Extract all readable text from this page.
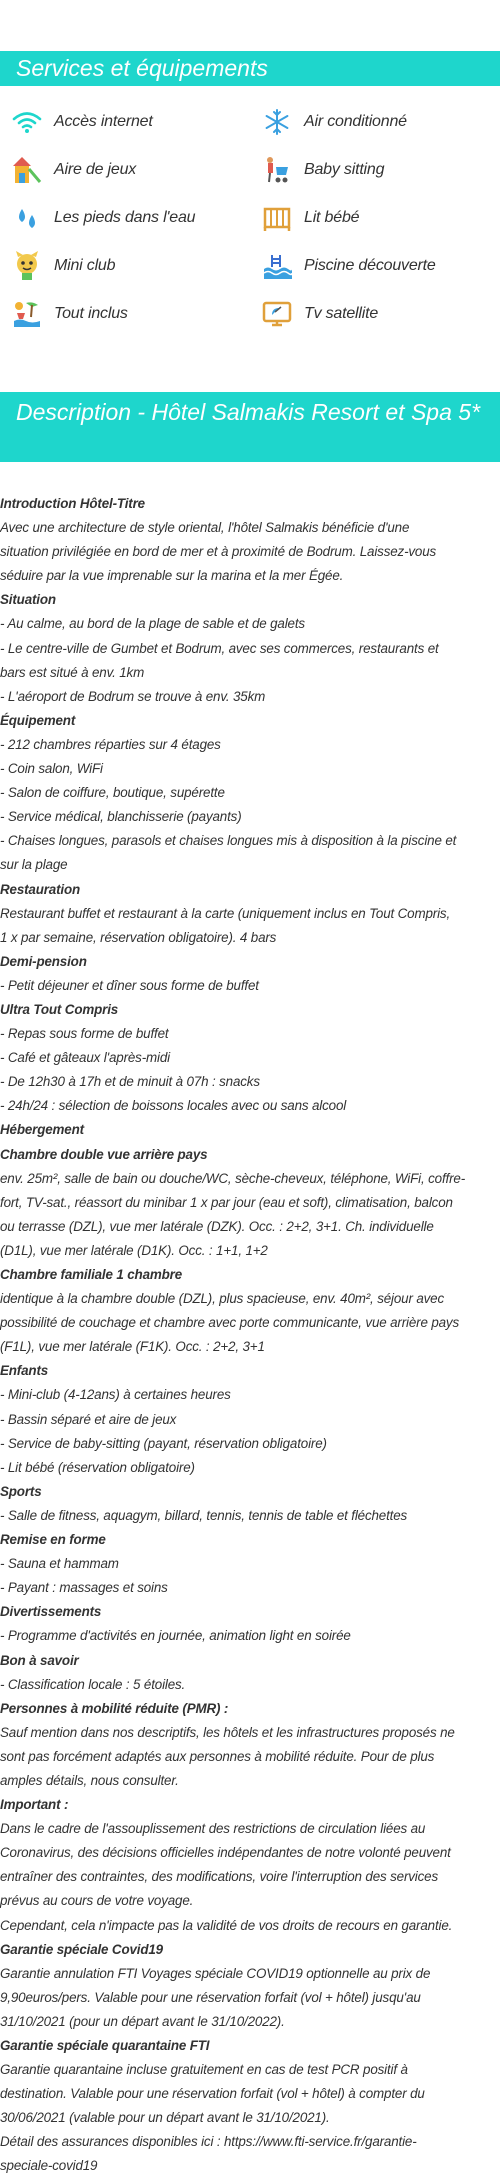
Services et équipements
Accès internet	Air conditionné
Aire de jeux	Baby sitting
Les pieds dans l'eau	Lit bébé
Mini club	Piscine découverte
Tout inclus	Tv satellite
Description - Hôtel Salmakis Resort et Spa 5*
Introduction Hôtel-Titre
Avec une architecture de style oriental, l'hôtel Salmakis bénéficie d'une
situation privilégiée en bord de mer et à proximité de Bodrum. Laissez-vous
séduire par la vue imprenable sur la marina et la mer Égée.
Situation
- Au calme, au bord de la plage de sable et de galets
- Le centre-ville de Gumbet et Bodrum, avec ses commerces, restaurants et
bars est situé à env. 1km
- L'aéroport de Bodrum se trouve à env. 35km
Équipement
- 212 chambres réparties sur 4 étages
- Coin salon, WiFi
- Salon de coiffure, boutique, supérette
- Service médical, blanchisserie (payants)
- Chaises longues, parasols et chaises longues mis à disposition à la piscine et
sur la plage
Restauration
Restaurant buffet et restaurant à la carte (uniquement inclus en Tout Compris,
1 x par semaine, réservation obligatoire). 4 bars
Demi-pension
- Petit déjeuner et dîner sous forme de buffet
Ultra Tout Compris
- Repas sous forme de buffet
- Café et gâteaux l'après-midi
- De 12h30 à 17h et de minuit à 07h : snacks
- 24h/24 : sélection de boissons locales avec ou sans alcool
Hébergement
Chambre double vue arrière pays
env. 25m², salle de bain ou douche/WC, sèche-cheveux, téléphone, WiFi, coffre-
fort, TV-sat., réassort du minibar 1 x par jour (eau et soft), climatisation, balcon
ou terrasse (DZL), vue mer latérale (DZK). Occ. : 2+2, 3+1. Ch. individuelle
(D1L), vue mer latérale (D1K). Occ. : 1+1, 1+2
Chambre familiale 1 chambre
identique à la chambre double (DZL), plus spacieuse, env. 40m², séjour avec
possibilité de couchage et chambre avec porte communicante, vue arrière pays
(F1L), vue mer latérale (F1K). Occ. : 2+2, 3+1
Enfants
- Mini-club (4-12ans) à certaines heures
- Bassin séparé et aire de jeux
- Service de baby-sitting (payant, réservation obligatoire)
- Lit bébé (réservation obligatoire)
Sports
- Salle de fitness, aquagym, billard, tennis, tennis de table et fléchettes
Remise en forme
- Sauna et hammam
- Payant : massages et soins
Divertissements
- Programme d'activités en journée, animation light en soirée
Bon à savoir
- Classification locale : 5 étoiles.
Personnes à mobilité réduite (PMR) :
Sauf mention dans nos descriptifs, les hôtels et les infrastructures proposés ne
sont pas forcément adaptés aux personnes à mobilité réduite. Pour de plus
amples détails, nous consulter.
Important :
Dans le cadre de l'assouplissement des restrictions de circulation liées au
Coronavirus, des décisions officielles indépendantes de notre volonté peuvent
entraîner des contraintes, des modifications, voire l'interruption des services
prévus au cours de votre voyage.
Cependant, cela n'impacte pas la validité de vos droits de recours en garantie.
Garantie spéciale Covid19
Garantie annulation FTI Voyages spéciale COVID19 optionnelle au prix de
9,90euros/pers. Valable pour une réservation forfait (vol + hôtel) jusqu'au
31/10/2021 (pour un départ avant le 31/10/2022).
Garantie spéciale quarantaine FTI
Garantie quarantaine incluse gratuitement en cas de test PCR positif à
destination. Valable pour une réservation forfait (vol + hôtel) à compter du
30/06/2021 (valable pour un départ avant le 31/10/2021).
Détail des assurances disponibles ici : https://www.fti-service.fr/garantie-
speciale-covid19
